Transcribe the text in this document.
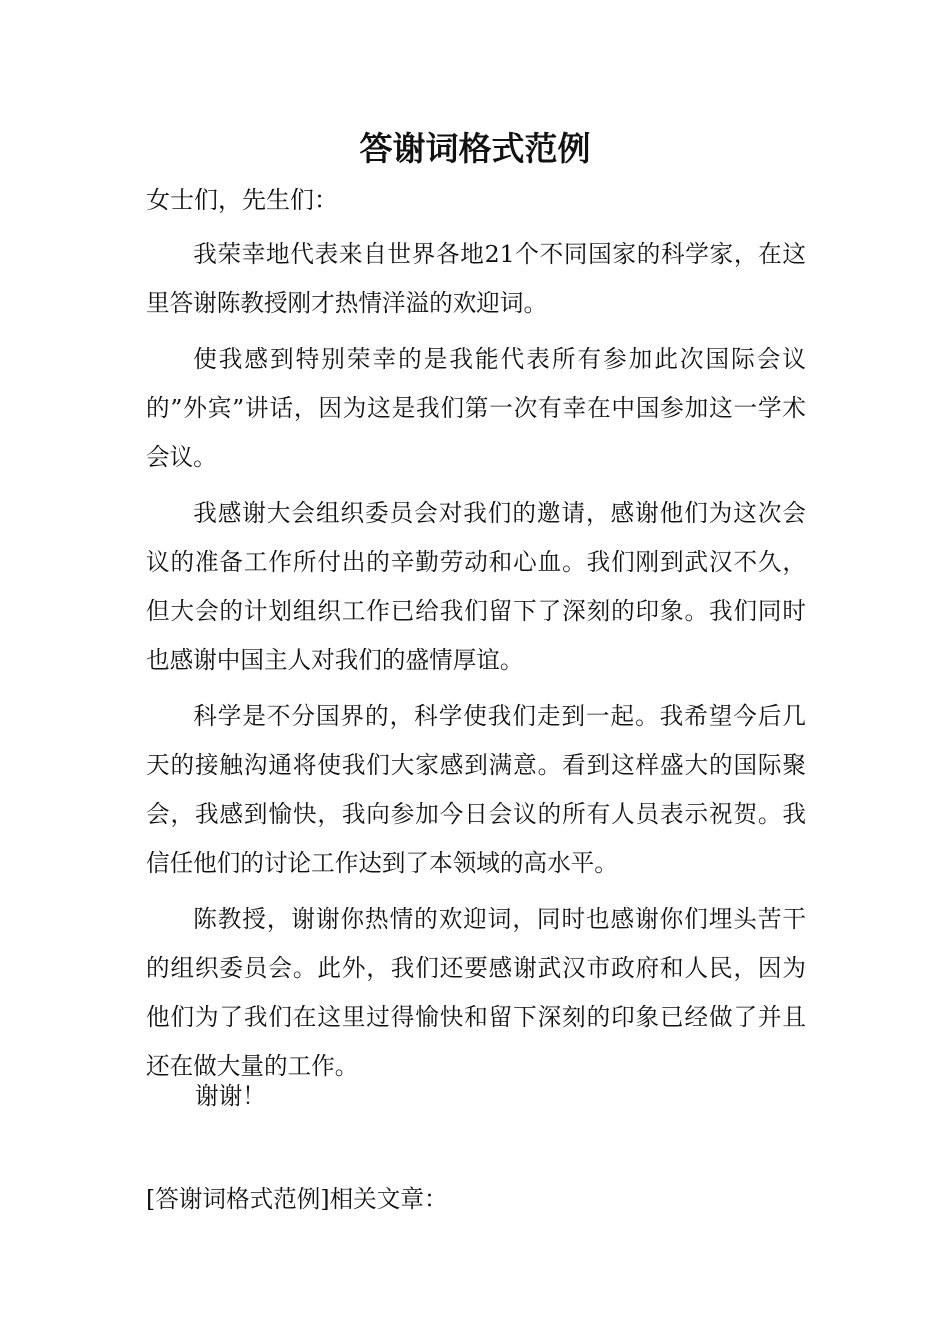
答谢词格式范例

女士们，先生们：

我荣幸地代表来自世界各地21个不同国家的科学家，在这里答谢陈教授刚才热情洋溢的欢迎词。

使我感到特别荣幸的是我能代表所有参加此次国际会议的”外宾”讲话，因为这是我们第一次有幸在中国参加这一学术会议。

我感谢大会组织委员会对我们的邀请，感谢他们为这次会议的准备工作所付出的辛勤劳动和心血。我们刚到武汉不久，但大会的计划组织工作已给我们留下了深刻的印象。我们同时也感谢中国主人对我们的盛情厚谊。

科学是不分国界的，科学使我们走到一起。我希望今后几天的接触沟通将使我们大家感到满意。看到这样盛大的国际聚会，我感到愉快，我向参加今日会议的所有人员表示祝贺。我信任他们的讨论工作达到了本领域的高水平。

陈教授，谢谢你热情的欢迎词，同时也感谢你们埋头苦干的组织委员会。此外，我们还要感谢武汉市政府和人民，因为他们为了我们在这里过得愉快和留下深刻的印象已经做了并且还在做大量的工作。

谢谢！

[答谢词格式范例]相关文章：
